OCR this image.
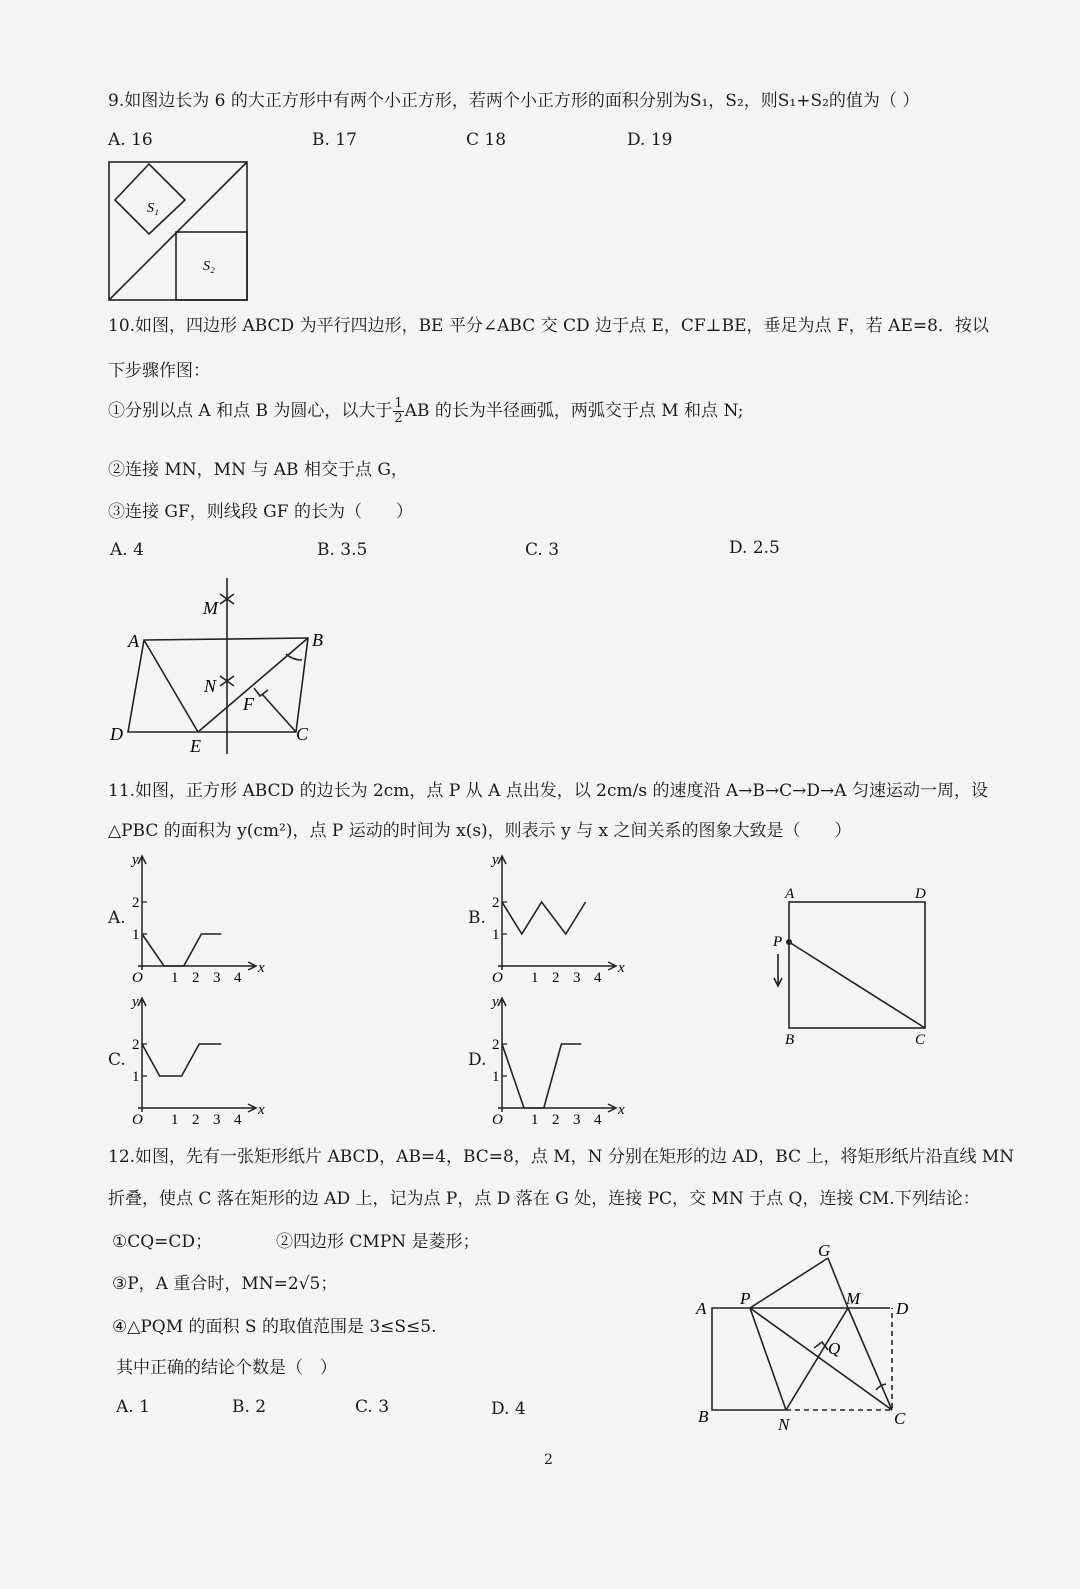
9.如图边长为 6 的大正方形中有两个小正方形，若两个小正方形的面积分别为S₁，S₂，则S₁+S₂的值为（ ）
A. 16	B. 17	C 18	D. 19
S₁
S₂
10.如图，四边形 ABCD 为平行四边形，BE 平分∠ABC 交 CD 边于点 E，CF⊥BE，垂足为点 F，若 AE=8．按以
下步骤作图：
①分别以点 A 和点 B 为圆心，以大于 $\frac{1}{2}$ AB 的长为半径画弧，两弧交于点 M 和点 N;
②连接 MN，MN 与 AB 相交于点 G，
③连接 GF，则线段 GF 的长为（　　）
A. 4	B. 3.5	C. 3	D. 2.5
A	B
C
D
E
F
M
N
11.如图，正方形 ABCD 的边长为 2cm，点 P 从 A 点出发，以 2cm/s 的速度沿 A→B→C→D→A 匀速运动一周，设
△PBC 的面积为 y(cm²)，点 P 运动的时间为 x(s)，则表示 y 与 x 之间关系的图象大致是（　　）
A.	B.
C.	D.
y
x
O 1 2 3 4
1
2
y
x
O 1 2 3 4
1
2
y
x
O 1 2 3 4
1
2
y
x
O 1 2 3 4
1
2
A	D
P
B	C
12.如图，先有一张矩形纸片 ABCD，AB=4，BC=8，点 M，N 分别在矩形的边 AD，BC 上，将矩形纸片沿直线 MN
折叠，使点 C 落在矩形的边 AD 上，记为点 P，点 D 落在 G 处，连接 PC，交 MN 于点 Q，连接 CM.下列结论：
①CQ=CD；	②四边形 CMPN 是菱形；
③P，A 重合时，MN=2√5；
④△PQM 的面积 S 的取值范围是 3≤S≤5.
其中正确的结论个数是（　）
A. 1	B. 2	C. 3	D. 4
A
B	C
D
G
M
N
P
Q
2
